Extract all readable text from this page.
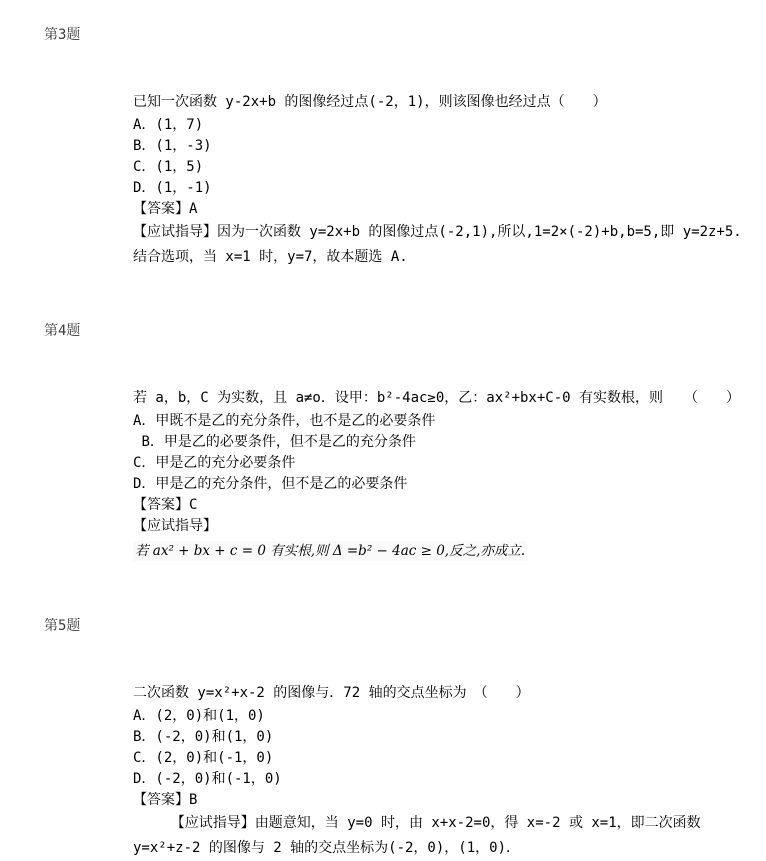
第3题

已知一次函数 y-2x+b 的图像经过点(-2，1)，则该图像也经过点（　　）

A．(1，7)

B．(1，-3)

C．(1，5)

D．(1，-1)

【答案】A

【应试指导】因为一次函数 y=2x+b 的图像过点(-2,1),所以,1=2×(-2)+b,b=5,即 y=2z+5.结合选项，当 x=1 时，y=7，故本题选 A.

第4题

若 a，b，C 为实数，且 a≠o．设甲：b²-4ac≥0，乙：ax²+bx+C-0 有实数根，则　　（　　）

A．甲既不是乙的充分条件，也不是乙的必要条件

B．甲是乙的必要条件，但不是乙的充分条件

C．甲是乙的充分必要条件

D．甲是乙的充分条件，但不是乙的必要条件

【答案】C

【应试指导】

若 ax² + bx + c = 0 有实根,则 Δ =b² − 4ac ≥ 0,反之,亦成立.

第5题

二次函数 y=x²+x-2 的图像与．72 轴的交点坐标为　（　　）

A．(2，0)和(1，0)

B．(-2，0)和(1，0)

C．(2，0)和(-1，0)

D．(-2，0)和(-1，0)

【答案】B

【应试指导】由题意知，当 y=0 时，由 x+x-2=0，得 x=-2 或 x=1，即二次函数 y=x²+z-2 的图像与 2 轴的交点坐标为(-2，0)，(1，0)．
